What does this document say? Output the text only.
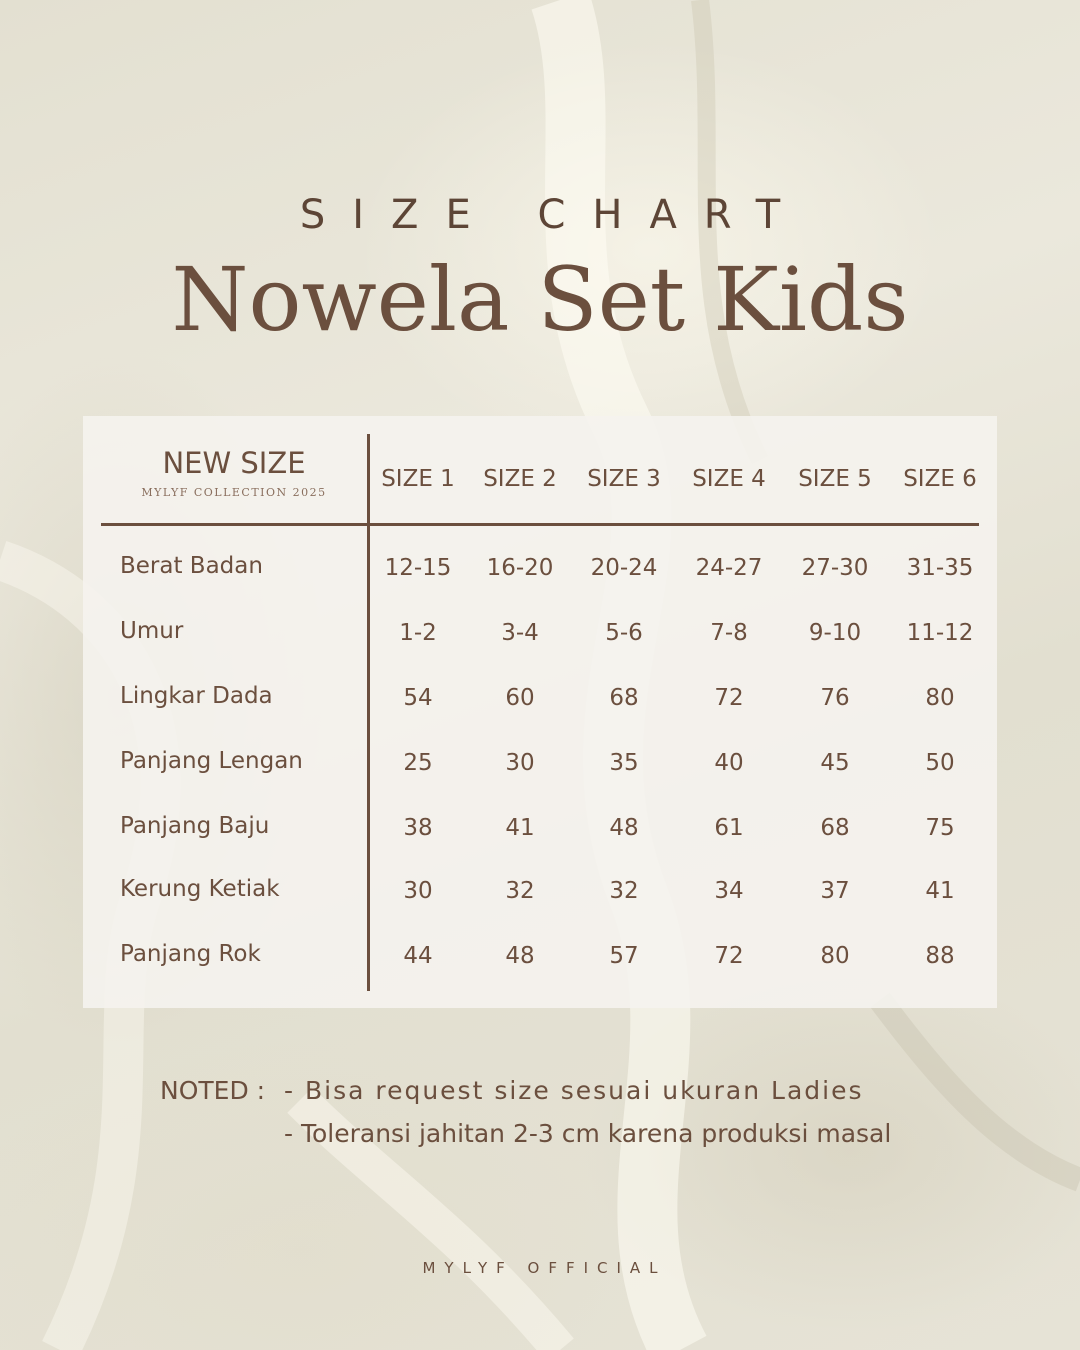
SIZE CHART
Nowela Set Kids
NEW SIZE
MYLYF COLLECTION 2025
SIZE 1	SIZE 2	SIZE 3	SIZE 4	SIZE 5	SIZE 6
Berat Badan	12-15	16-20	20-24	24-27	27-30	31-35
Umur	1-2	3-4	5-6	7-8	9-10	11-12
Lingkar Dada	54	60	68	72	76	80
Panjang Lengan	25	30	35	40	45	50
Panjang Baju	38	41	48	61	68	75
Kerung Ketiak	30	32	32	34	37	41
Panjang Rok	44	48	57	72	80	88
NOTED : - Bisa request size sesuai ukuran Ladies
- Toleransi jahitan 2-3 cm karena produksi masal
MYLYF OFFICIAL
